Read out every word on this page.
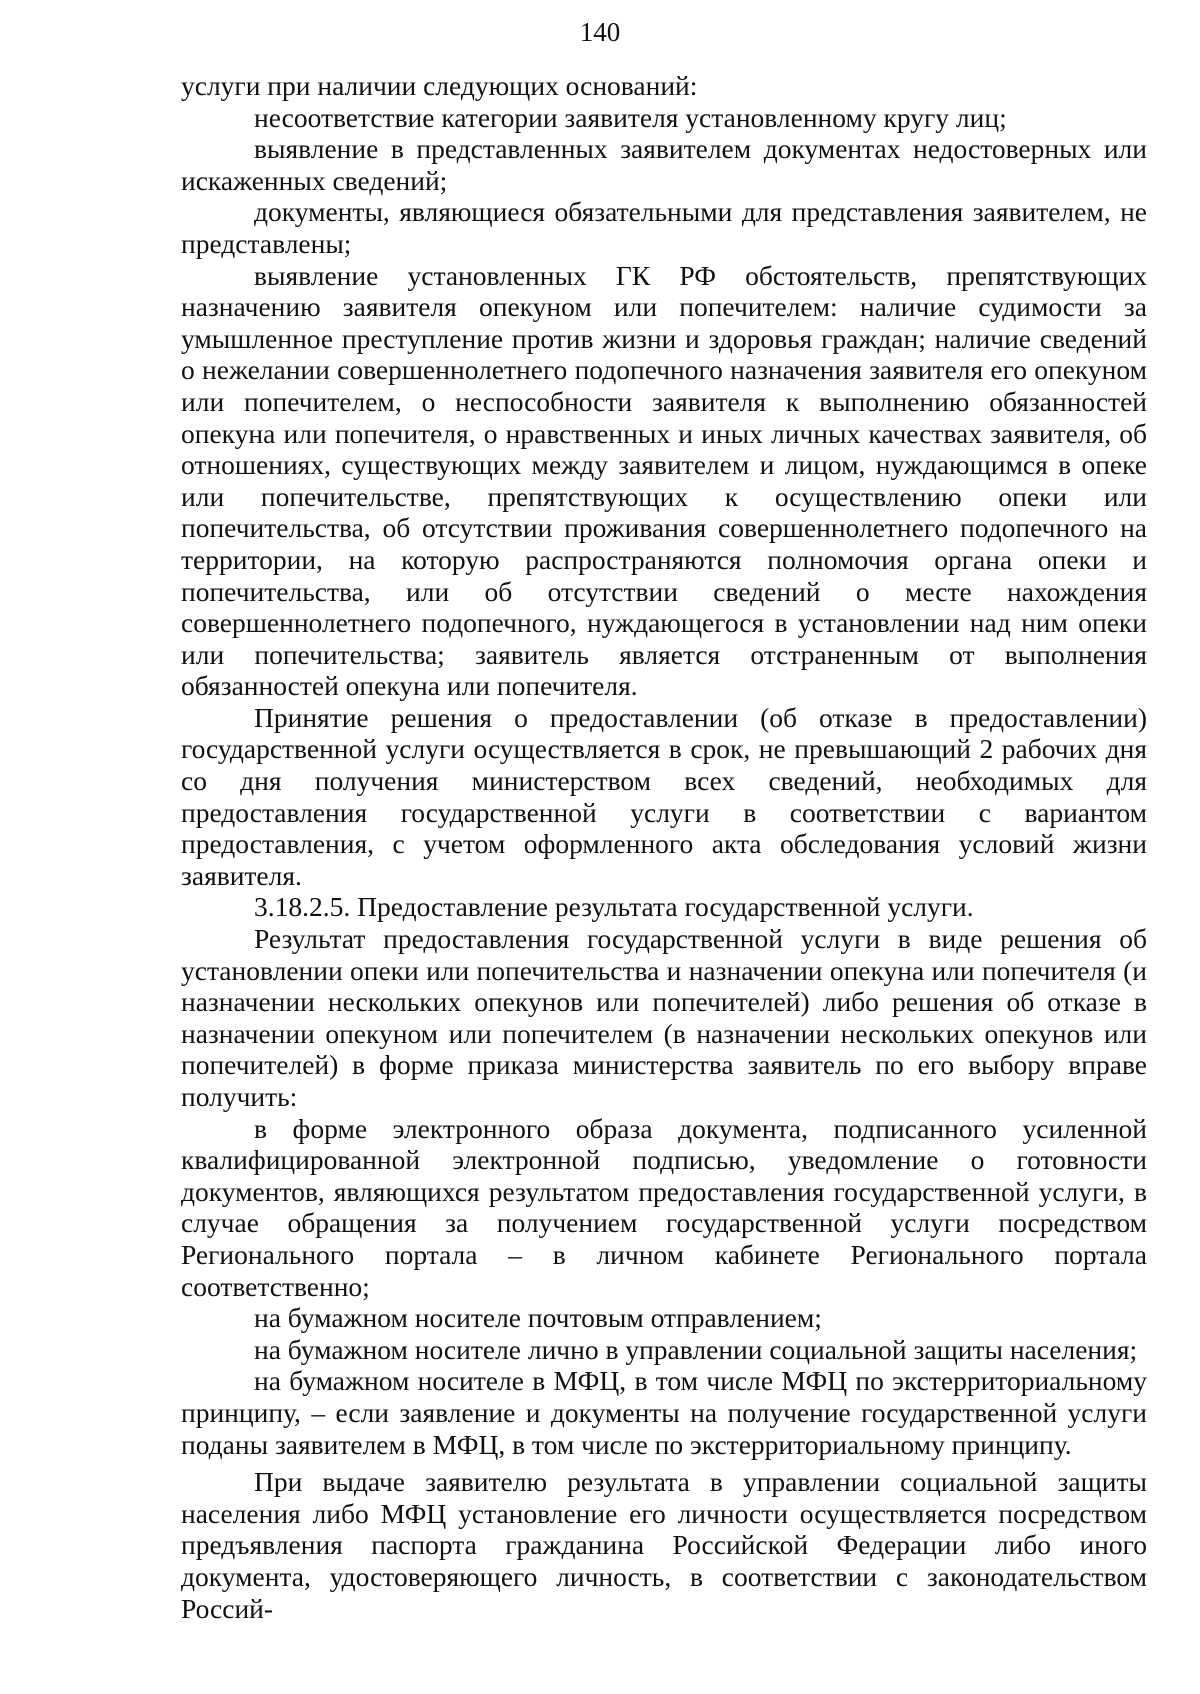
140

услуги при наличии следующих оснований:

несоответствие категории заявителя установленному кругу лиц;

выявление в представленных заявителем документах недостоверных или искаженных сведений;

документы, являющиеся обязательными для представления заявителем, не представлены;

выявление установленных ГК РФ обстоятельств, препятствующих назначению заявителя опекуном или попечителем: наличие судимости за умышленное преступление против жизни и здоровья граждан; наличие сведений о нежелании совершеннолетнего подопечного назначения заявителя его опекуном или попечителем, о неспособности заявителя к выполнению обязанностей опекуна или попечителя, о нравственных и иных личных качествах заявителя, об отношениях, существующих между заявителем и лицом, нуждающимся в опеке или попечительстве, препятствующих к осуществлению опеки или попечительства, об отсутствии проживания совершеннолетнего подопечного на территории, на которую распространяются полномочия органа опеки и попечительства, или об отсутствии сведений о месте нахождения совершеннолетнего подопечного, нуждающегося в установлении над ним опеки или попечительства; заявитель является отстраненным от выполнения обязанностей опекуна или попечителя.

Принятие решения о предоставлении (об отказе в предоставлении) государственной услуги осуществляется в срок, не превышающий 2 рабочих дня со дня получения министерством всех сведений, необходимых для предоставления государственной услуги в соответствии с вариантом предоставления, с учетом оформленного акта обследования условий жизни заявителя.

3.18.2.5. Предоставление результата государственной услуги.

Результат предоставления государственной услуги в виде решения об установлении опеки или попечительства и назначении опекуна или попечителя (и назначении нескольких опекунов или попечителей) либо решения об отказе в назначении опекуном или попечителем (в назначении нескольких опекунов или попечителей) в форме приказа министерства заявитель по его выбору вправе получить:

в форме электронного образа документа, подписанного усиленной квалифицированной электронной подписью, уведомление о готовности документов, являющихся результатом предоставления государственной услуги, в случае обращения за получением государственной услуги посредством Регионального портала – в личном кабинете Регионального портала соответственно;

на бумажном носителе почтовым отправлением;

на бумажном носителе лично в управлении социальной защиты населения;

на бумажном носителе в МФЦ, в том числе МФЦ по экстерриториальному принципу, – если заявление и документы на получение государственной услуги поданы заявителем в МФЦ, в том числе по экстерриториальному принципу.

При выдаче заявителю результата в управлении социальной защиты населения либо МФЦ установление его личности осуществляется посредством предъявления паспорта гражданина Российской Федерации либо иного документа, удостоверяющего личность, в соответствии с законодательством Россий-
